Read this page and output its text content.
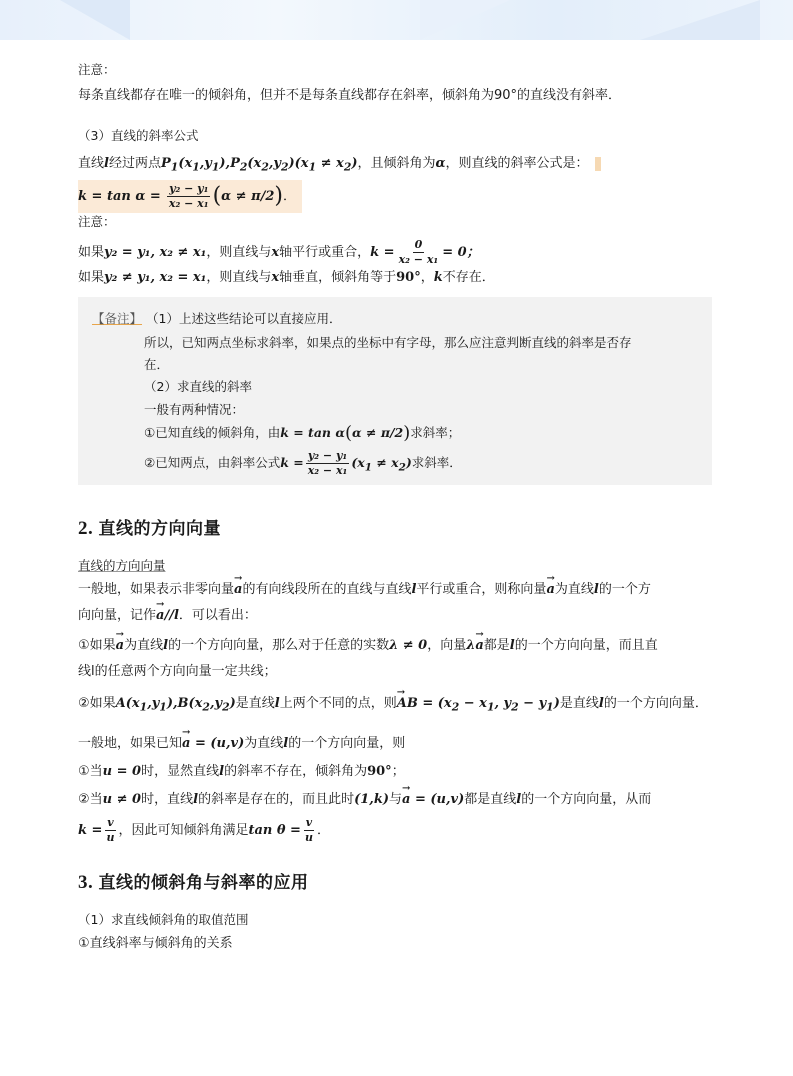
注意：
每条直线都存在唯一的倾斜角，但并不是每条直线都存在斜率，倾斜角为90°的直线没有斜率．
（3）直线的斜率公式
直线l经过两点$P_1(x_1,y_1),P_2(x_2,y_2)(x_1 \ne x_2)$，且倾斜角为α，则直线的斜率公式是：
$k = \tan \alpha = \frac{\text{y₂ − y₁}}{\text{x₂ − x₁}} (\alpha \ne \pi/2)$．
注意：
如果y₂ = y₁, x₂ ≠ x₁，则直线与x轴平行或重合，$k = \frac{0}{\text{x₂ − x₁}} = 0$；
如果y₂ ≠ y₁, x₂ = x₁，则直线与x轴垂直，倾斜角等于90°，k不存在．
2. 直线的方向向量
直线的方向向量
一般地，如果表示非零向量→ a的有向线段所在的直线与直线l平行或重合，则称向量→ a为直线l的一个方
向向量，记作→ a//l．可以看出：
①如果→ a为直线l的一个方向向量，那么对于任意的实数λ ≠ 0，向量λ→ a都是l的一个方向向量，而且直
线l的任意两个方向向量一定共线；
②如果$A(x_1,y_1),B(x_2,y_2)$是直线l上两个不同的点，则→ AB = ($x_2 - x_1$, $y_2 - y_1$)是直线l的一个方向向量．
一般地，如果已知→ a = (u,v)为直线l的一个方向向量，则
①当u = 0时，显然直线l的斜率不存在，倾斜角为90°；
②当u ≠ 0时，直线l的斜率是存在的，而且此时(1,k)与→ a = (u,v)都是直线l的一个方向向量，从而
$k = \frac{v}{u}$ ，因此可知倾斜角满足$\tan \theta = \frac{v}{u}$ ．
3. 直线的倾斜角与斜率的应用
（1）求直线倾斜角的取值范围
①直线斜率与倾斜角的关系
【备注】 （1）上述这些结论可以直接应用．
所以，已知两点坐标求斜率，如果点的坐标中有字母，那么应注意判断直线的斜率是否存
在．
（2）求直线的斜率
一般有两种情况：
①已知直线的倾斜角，由k = tan α(α ≠ π/2)求斜率；
②已知两点，由斜率公式$k = \frac{\text{y₂ − y₁}}{\text{x₂ − x₁}} (x_1 \ne x_2)$求斜率．
